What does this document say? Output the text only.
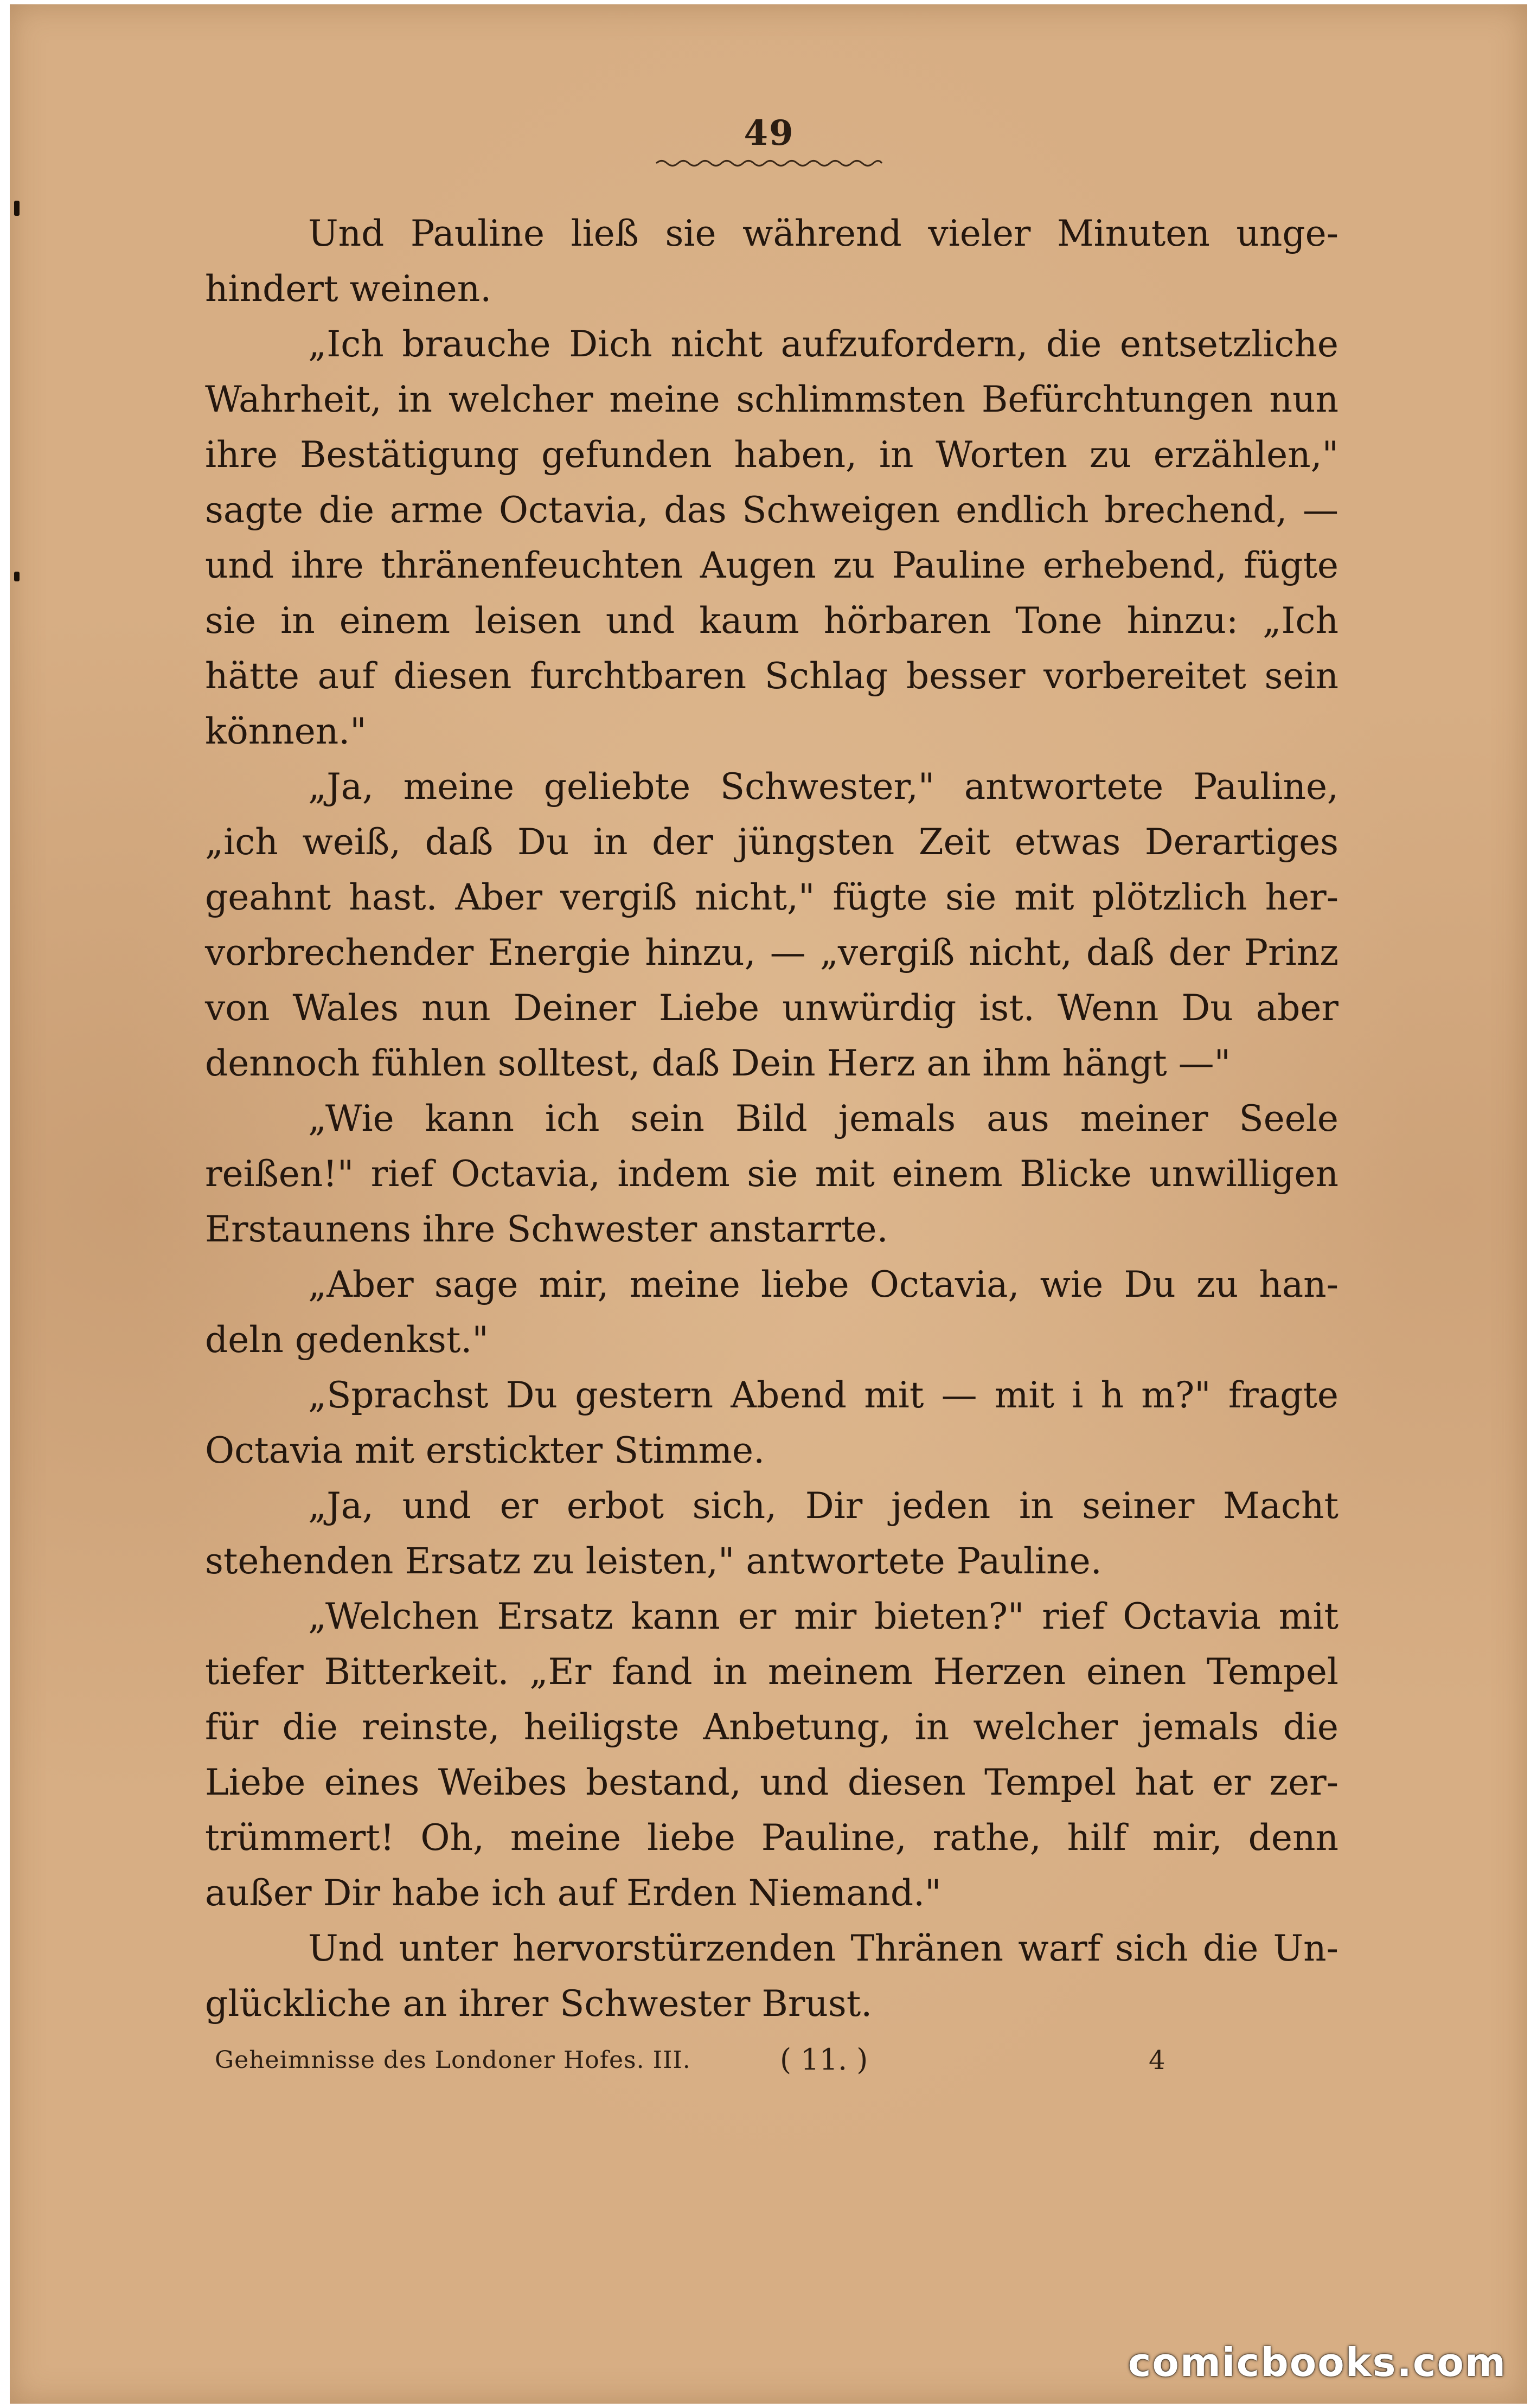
49
Und Pauline ließ sie während vieler Minuten unge-
hindert weinen.
„Ich brauche Dich nicht aufzufordern, die entsetzliche
Wahrheit, in welcher meine schlimmsten Befürchtungen nun
ihre Bestätigung gefunden haben, in Worten zu erzählen,"
sagte die arme Octavia, das Schweigen endlich brechend, —
und ihre thränenfeuchten Augen zu Pauline erhebend, fügte
sie in einem leisen und kaum hörbaren Tone hinzu: „Ich
hätte auf diesen furchtbaren Schlag besser vorbereitet sein
können."
„Ja, meine geliebte Schwester," antwortete Pauline,
„ich weiß, daß Du in der jüngsten Zeit etwas Derartiges
geahnt hast. Aber vergiß nicht," fügte sie mit plötzlich her-
vorbrechender Energie hinzu, — „vergiß nicht, daß der Prinz
von Wales nun Deiner Liebe unwürdig ist. Wenn Du aber
dennoch fühlen solltest, daß Dein Herz an ihm hängt —"
„Wie kann ich sein Bild jemals aus meiner Seele
reißen!" rief Octavia, indem sie mit einem Blicke unwilligen
Erstaunens ihre Schwester anstarrte.
„Aber sage mir, meine liebe Octavia, wie Du zu han-
deln gedenkst."
„Sprachst Du gestern Abend mit — mit i h m?" fragte
Octavia mit erstickter Stimme.
„Ja, und er erbot sich, Dir jeden in seiner Macht
stehenden Ersatz zu leisten," antwortete Pauline.
„Welchen Ersatz kann er mir bieten?" rief Octavia mit
tiefer Bitterkeit. „Er fand in meinem Herzen einen Tempel
für die reinste, heiligste Anbetung, in welcher jemals die
Liebe eines Weibes bestand, und diesen Tempel hat er zer-
trümmert! Oh, meine liebe Pauline, rathe, hilf mir, denn
außer Dir habe ich auf Erden Niemand."
Und unter hervorstürzenden Thränen warf sich die Un-
glückliche an ihrer Schwester Brust.
Geheimnisse des Londoner Hofes. III.	( 11. )	4
comicbooks.com
